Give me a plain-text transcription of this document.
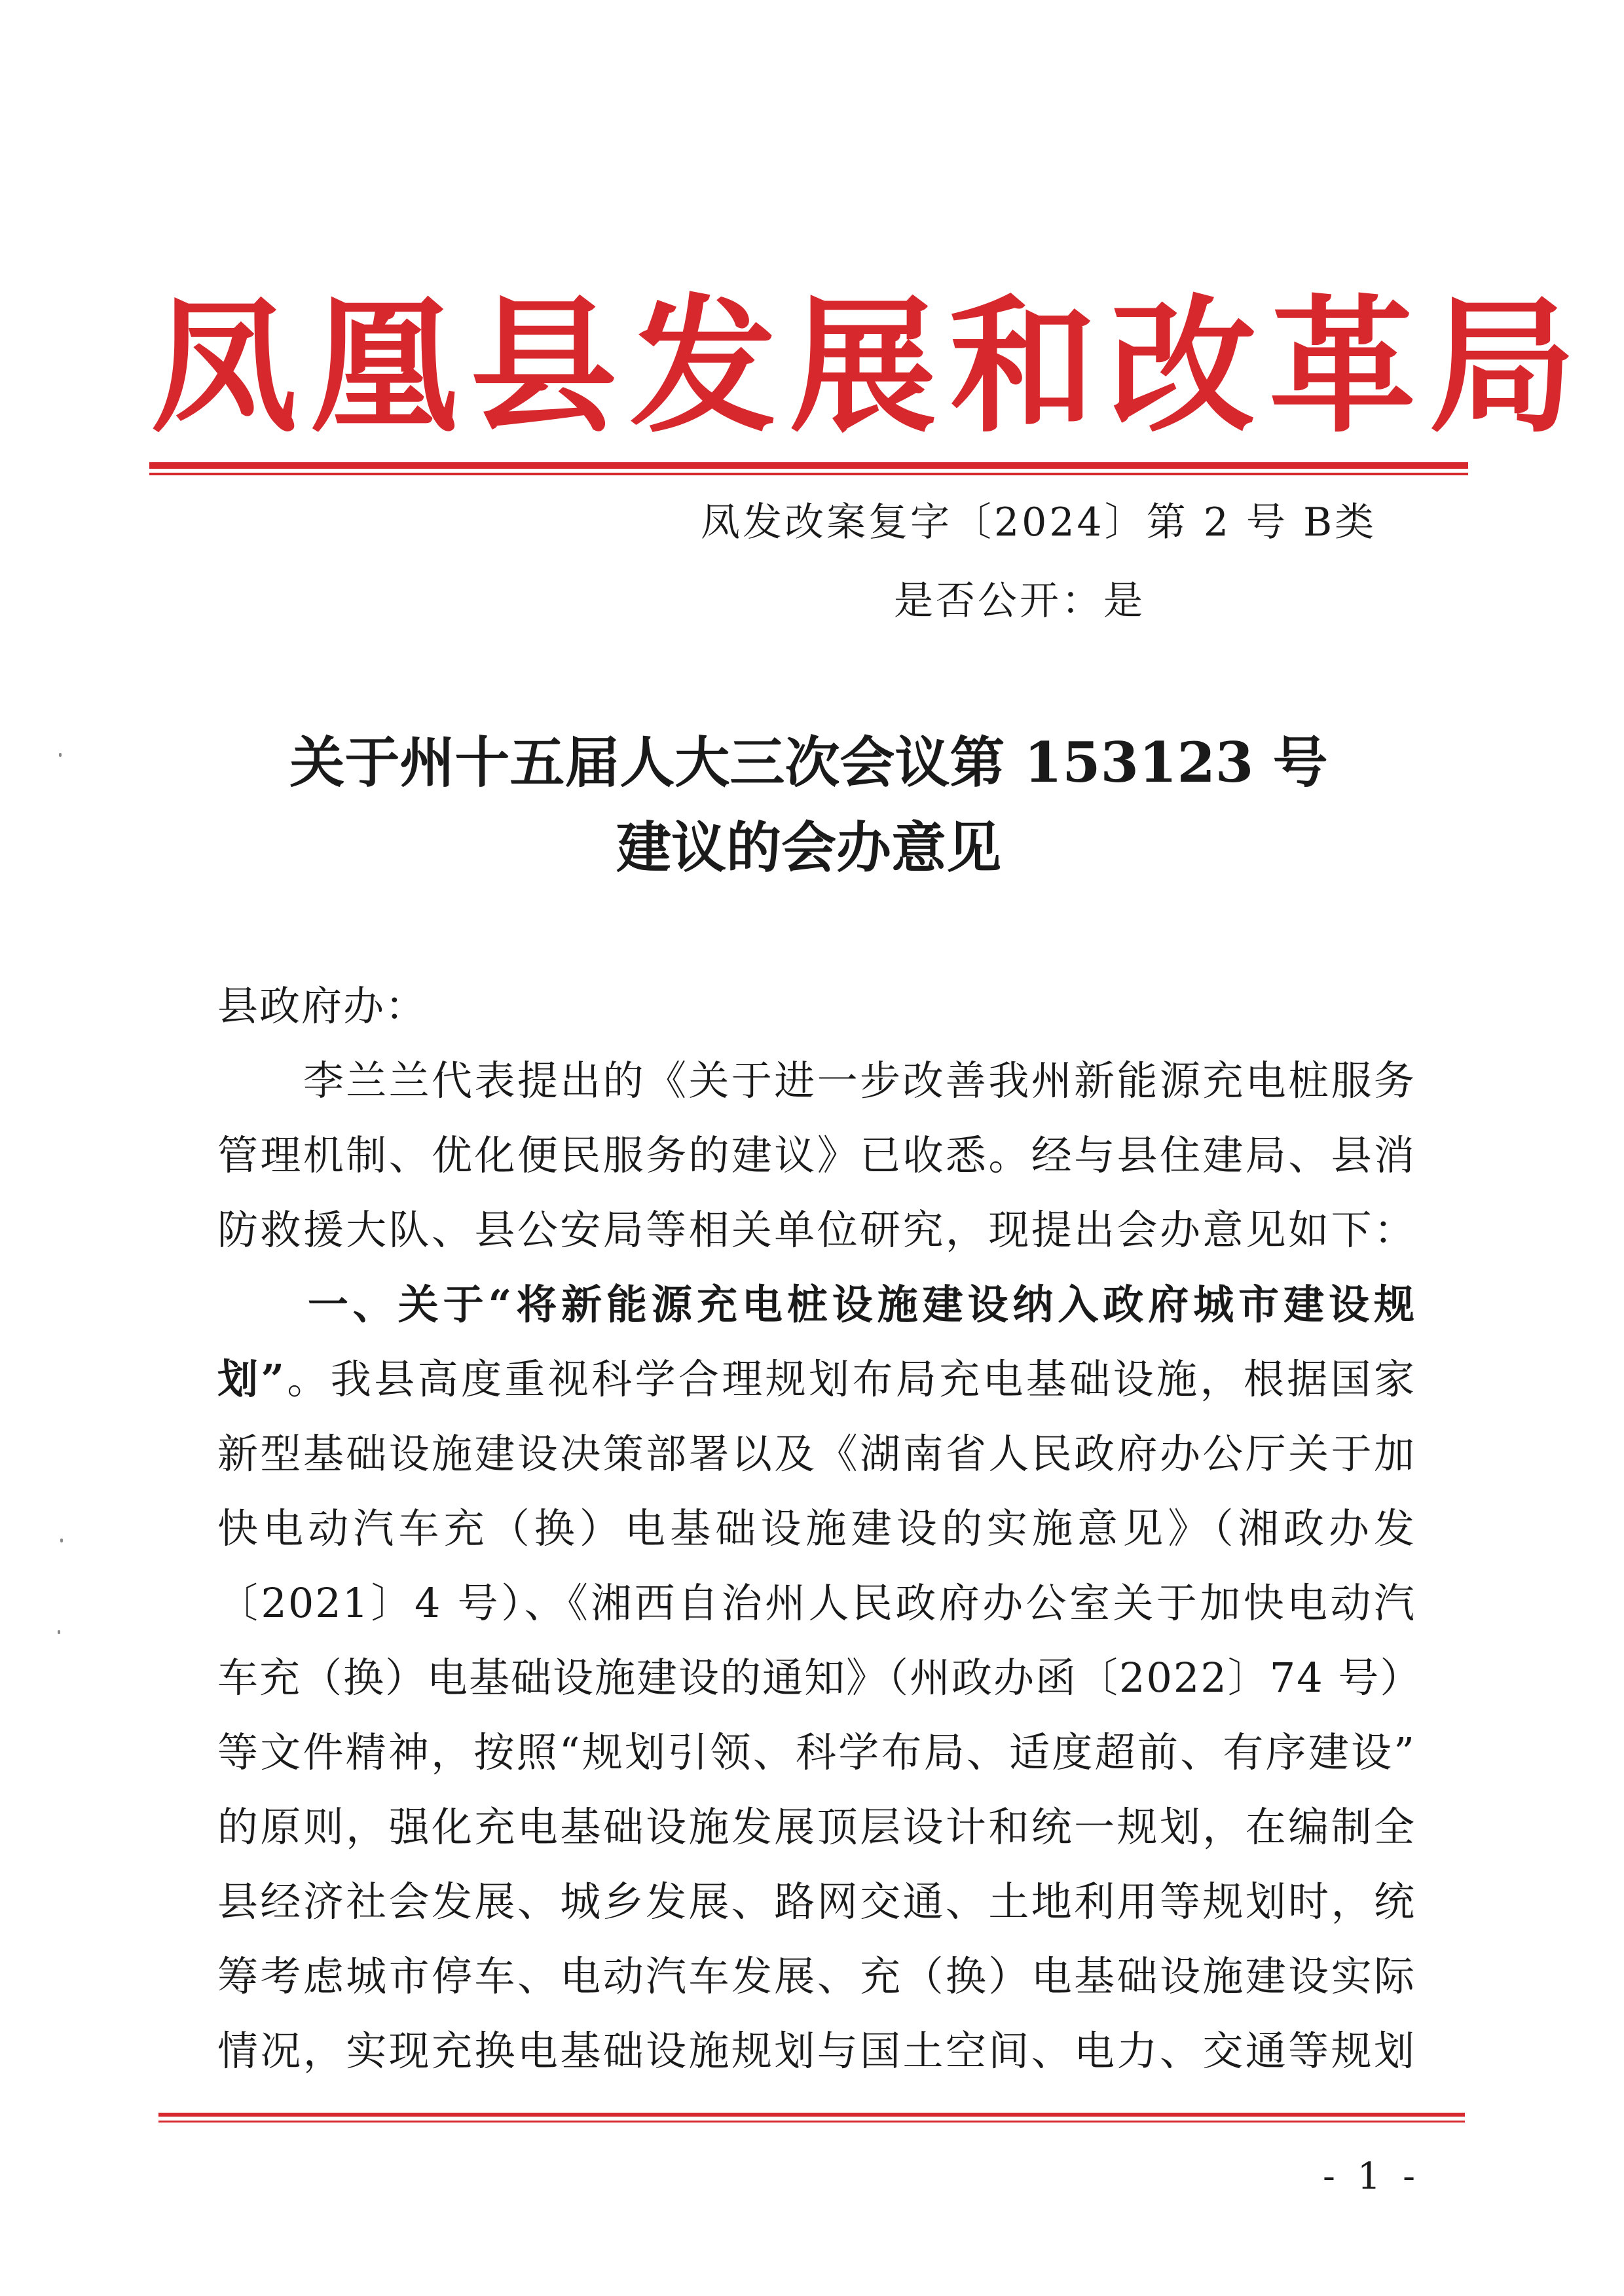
凤凰县发展和改革局
凤发改案复字〔2024〕第 2 号 B类
是否公开：是
关于州十五届人大三次会议第 153123 号
建议的会办意见
县政府办：
　　李兰兰代表提出的《关于进一步改善我州新能源充电桩服务
管理机制、优化便民服务的建议》已收悉。经与县住建局、县消
防救援大队、县公安局等相关单位研究，现提出会办意见如下：
　　一、关于“将新能源充电桩设施建设纳入政府城市建设规
划”。我县高度重视科学合理规划布局充电基础设施，根据国家
新型基础设施建设决策部署以及《湖南省人民政府办公厅关于加
快电动汽车充（换）电基础设施建设的实施意见》（湘政办发
〔2021〕4 号）、《湘西自治州人民政府办公室关于加快电动汽
车充（换）电基础设施建设的通知》（州政办函〔2022〕74 号）
等文件精神，按照“规划引领、科学布局、适度超前、有序建设”
的原则，强化充电基础设施发展顶层设计和统一规划，在编制全
县经济社会发展、城乡发展、路网交通、土地利用等规划时，统
筹考虑城市停车、电动汽车发展、充（换）电基础设施建设实际
情况，实现充换电基础设施规划与国土空间、电力、交通等规划
- 1 -
